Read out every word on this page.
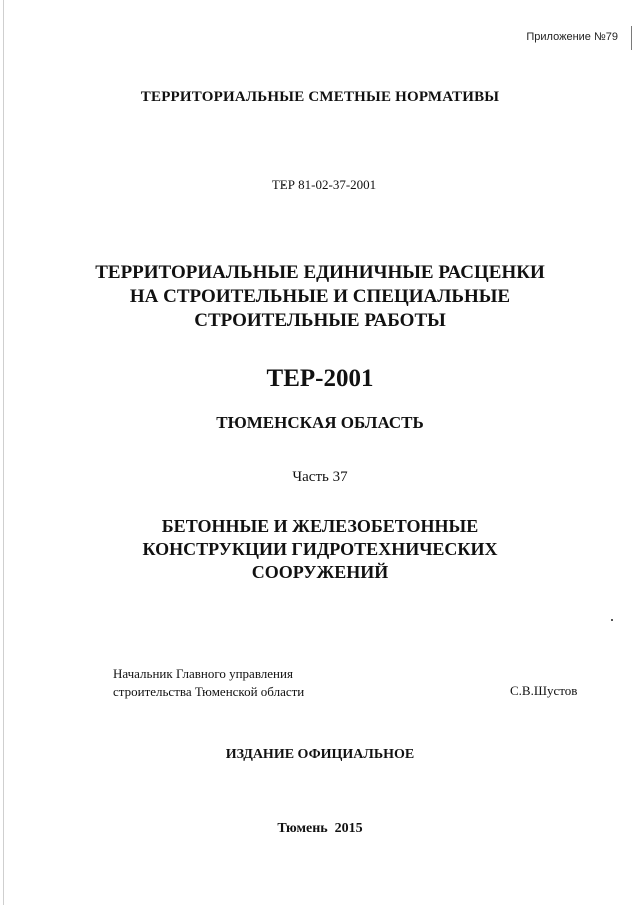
Приложение №79
ТЕРРИТОРИАЛЬНЫЕ СМЕТНЫЕ НОРМАТИВЫ
ТЕР 81-02-37-2001
ТЕРРИТОРИАЛЬНЫЕ ЕДИНИЧНЫЕ РАСЦЕНКИ
НА СТРОИТЕЛЬНЫЕ И СПЕЦИАЛЬНЫЕ
СТРОИТЕЛЬНЫЕ РАБОТЫ
ТЕР-2001
ТЮМЕНСКАЯ ОБЛАСТЬ
Часть 37
БЕТОННЫЕ И ЖЕЛЕЗОБЕТОННЫЕ
КОНСТРУКЦИИ ГИДРОТЕХНИЧЕСКИХ
СООРУЖЕНИЙ
Начальник Главного управления
строительства Тюменской области	С.В.Шустов
ИЗДАНИЕ ОФИЦИАЛЬНОЕ
Тюмень  2015
